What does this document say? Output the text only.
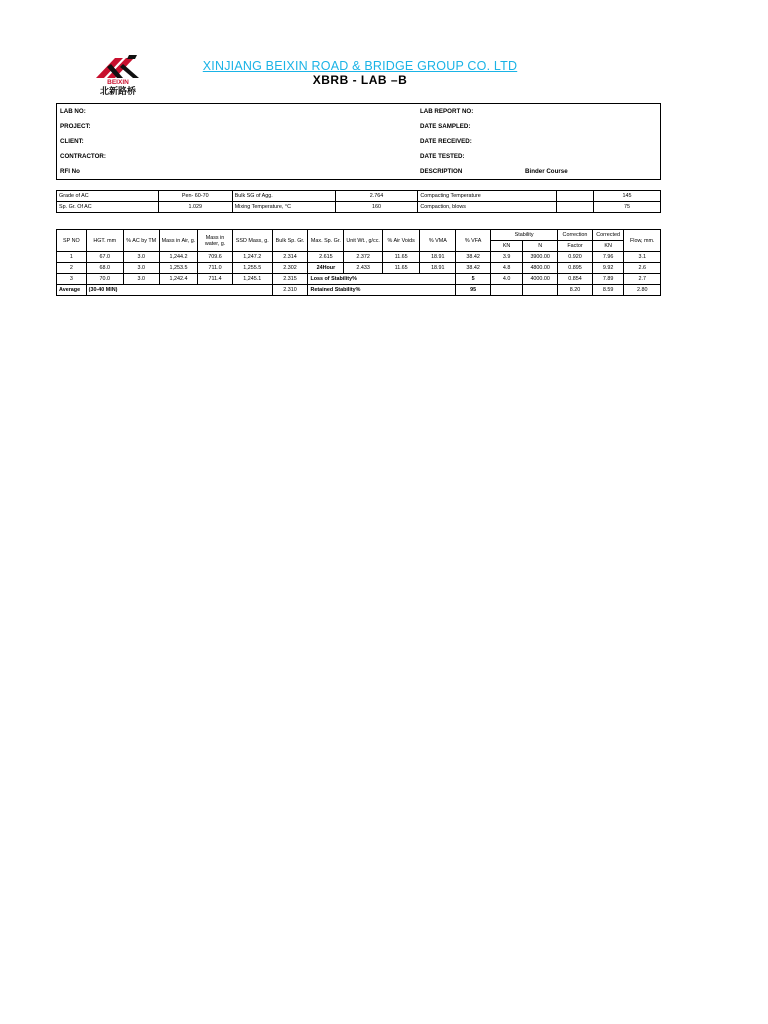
BEIXIN
北新路桥
XINJIANG BEIXIN ROAD & BRIDGE GROUP CO. LTD
XBRB - LAB –B
LAB NO:
PROJECT:
CLIENT:
CONTRACTOR:
RFI No
LAB REPORT NO:
DATE SAMPLED:
DATE RECEIVED:
DATE TESTED:
DESCRIPTION	Binder Course
Grade of AC	Pen- 60-70	Bulk SG of Agg.	2.764	Compacting Temperature		145
Sp. Gr. Of AC	1.029	Mixing Temperature, °C	160	Compaction, blows		75
SP NO	HGT. mm	% AC by TM	Mass in Air, g.	Mass in water, g.	SSD Mass, g.	Bulk Sp. Gr.	Max. Sp. Gr.	Unit Wt., g/cc.	% Air Voids	% VMA	% VFA	Stability		Correction	Corrected	Flow, mm.
												KN	N	Factor	KN	
1	67.0	3.0	1,244.2	709.6	1,247.2	2.314	2.615	2.372	11.65	18.91	38.42	3.9	3900.00	0.920	7.96	3.1
2	68.0	3.0	1,253.5	711.0	1,255.5	2.302	24Hour	2.433	11.65	18.91	38.42	4.8	4800.00	0.895	9.92	2.6
3	70.0	3.0	1,242.4	711.4	1,245.1	2.315	Loss of Stability%				5	4.0	4000.00	0.854	7.89	2.7
Average	(30-40 MIN)					2.310	Retained Stability%				95			8.20	8.59	2.80
